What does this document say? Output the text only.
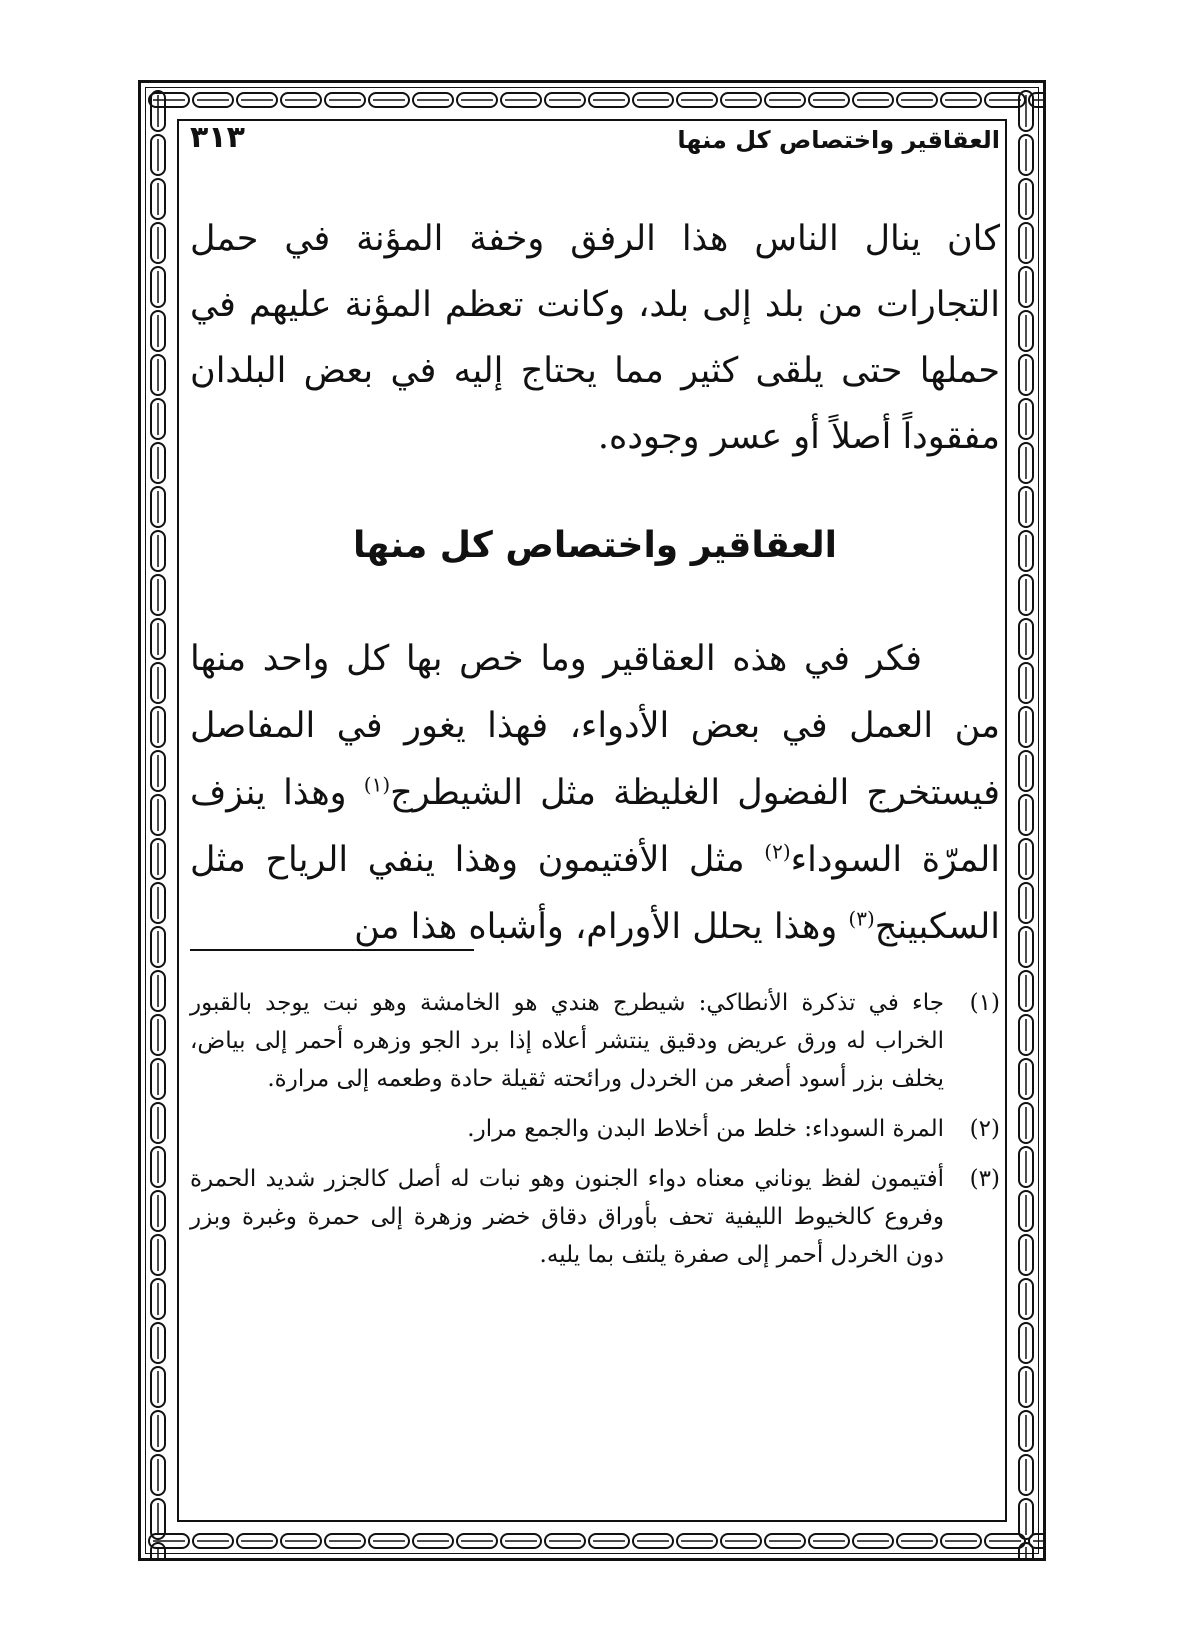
العقاقير واختصاص كل منها
٣١٣

كان ينال الناس هذا الرفق وخفة المؤنة في حمل التجارات من بلد إلى بلد، وكانت تعظم المؤنة عليهم في حملها حتى يلقى كثير مما يحتاج إليه في بعض البلدان مفقوداً أصلاً أو عسر وجوده.

العقاقير واختصاص كل منها

فكر في هذه العقاقير وما خص بها كل واحد منها من العمل في بعض الأدواء، فهذا يغور في المفاصل فيستخرج الفضول الغليظة مثل الشيطرج$^{(١)}$ وهذا ينزف المرّة السوداء$^{(٢)}$ مثل الأفتيمون وهذا ينفي الرياح مثل السكبينج$^{(٣)}$ وهذا يحلل الأورام، وأشباه هذا من

(١)
جاء في تذكرة الأنطاكي: شيطرج هندي هو الخامشة وهو نبت يوجد بالقبور الخراب له ورق عريض ودقيق ينتشر أعلاه إذا برد الجو وزهره أحمر إلى بياض، يخلف بزر أسود أصغر من الخردل ورائحته ثقيلة حادة وطعمه إلى مرارة.
(٢)
المرة السوداء: خلط من أخلاط البدن والجمع مرار.
(٣)
أفتيمون لفظ يوناني معناه دواء الجنون وهو نبات له أصل كالجزر شديد الحمرة وفروع كالخيوط الليفية تحف بأوراق دقاق خضر وزهرة إلى حمرة وغبرة وبزر دون الخردل أحمر إلى صفرة يلتف بما يليه.
